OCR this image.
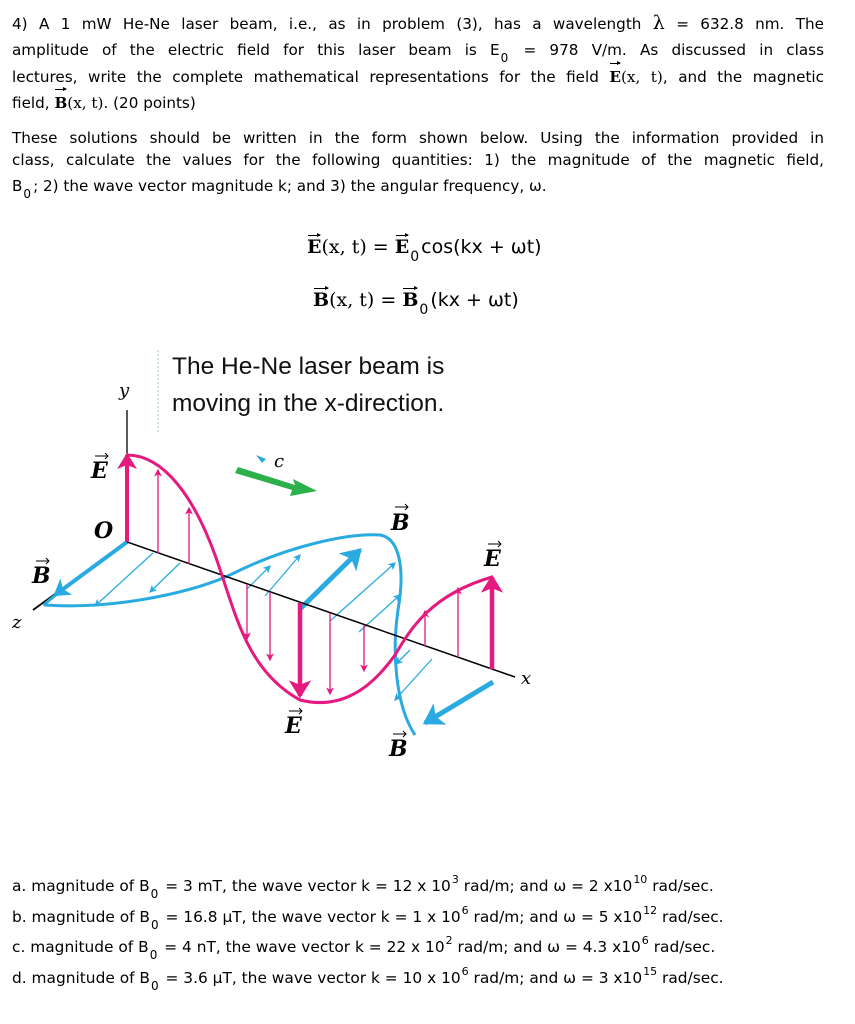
4) A 1 mW He-Ne laser beam, i.e., as in problem (3), has a wavelength λ = 632.8 nm. The
amplitude of the electric field for this laser beam is $E_0 = 978$ V/m. As discussed in class
lectures, write the complete mathematical representations for the field E(x, t), and the magnetic
field, B(x, t). (20 points)
These solutions should be written in the form shown below. Using the information provided in
class, calculate the values for the following quantities: 1) the magnitude of the magnetic field,
$B_0$ ; 2) the wave vector magnitude k; and 3) the angular frequency, ω.
E(x, $t) = E_0$ cos(kx + ωt)
B(x, $t) = B_0$ (kx + ωt)
The He-Ne laser beam is
moving in the x-direction.
y
z
x
O
c
E
B
B
E
E
B
a. magnitude of $B_0 = 3$ mT, the wave vector k = 12 x $10^3$ rad/m; and ω = 2 $x10^{10}$ rad/sec.
b. magnitude of $B_0 = 16.8$ µT, the wave vector k = 1 x $10^6$ rad/m; and ω = 5 $x10^{12}$ rad/sec.
c. magnitude of $B_0 = 4$ nT, the wave vector k = 22 x $10^2$ rad/m; and ω = 4.3 $x10^6$ rad/sec.
d. magnitude of $B_0 = 3.6$ µT, the wave vector k = 10 x $10^6$ rad/m; and ω = 3 $x10^{15}$ rad/sec.
